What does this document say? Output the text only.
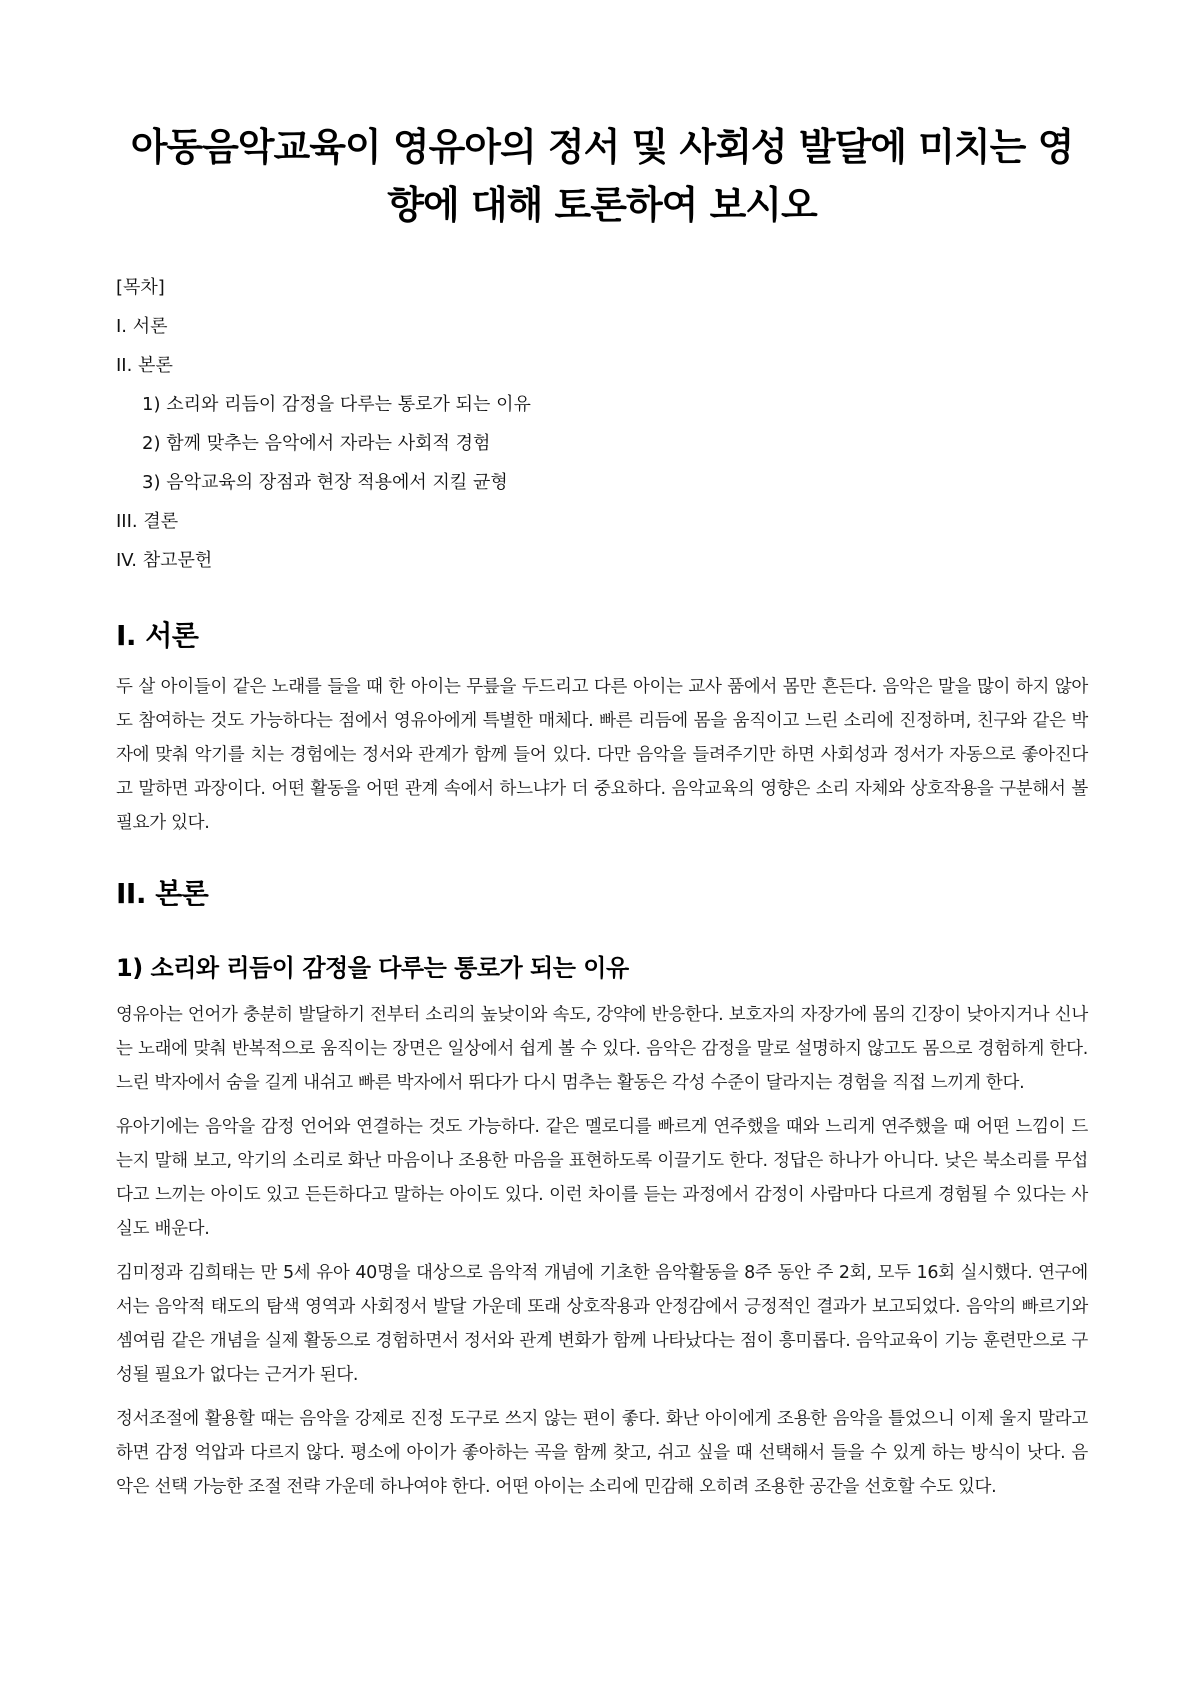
아동음악교육이 영유아의 정서 및 사회성 발달에 미치는 영향에 대해 토론하여 보시오
[목차]
I. 서론
II. 본론
1) 소리와 리듬이 감정을 다루는 통로가 되는 이유
2) 함께 맞추는 음악에서 자라는 사회적 경험
3) 음악교육의 장점과 현장 적용에서 지킬 균형
III. 결론
IV. 참고문헌
I. 서론

두 살 아이들이 같은 노래를 들을 때 한 아이는 무릎을 두드리고 다른 아이는 교사 품에서 몸만 흔든다. 음악은 말을 많이 하지 않아도 참여하는 것도 가능하다는 점에서 영유아에게 특별한 매체다. 빠른 리듬에 몸을 움직이고 느린 소리에 진정하며, 친구와 같은 박자에 맞춰 악기를 치는 경험에는 정서와 관계가 함께 들어 있다. 다만 음악을 들려주기만 하면 사회성과 정서가 자동으로 좋아진다고 말하면 과장이다. 어떤 활동을 어떤 관계 속에서 하느냐가 더 중요하다. 음악교육의 영향은 소리 자체와 상호작용을 구분해서 볼 필요가 있다.

II. 본론
1) 소리와 리듬이 감정을 다루는 통로가 되는 이유

영유아는 언어가 충분히 발달하기 전부터 소리의 높낮이와 속도, 강약에 반응한다. 보호자의 자장가에 몸의 긴장이 낮아지거나 신나는 노래에 맞춰 반복적으로 움직이는 장면은 일상에서 쉽게 볼 수 있다. 음악은 감정을 말로 설명하지 않고도 몸으로 경험하게 한다. 느린 박자에서 숨을 길게 내쉬고 빠른 박자에서 뛰다가 다시 멈추는 활동은 각성 수준이 달라지는 경험을 직접 느끼게 한다.

유아기에는 음악을 감정 언어와 연결하는 것도 가능하다. 같은 멜로디를 빠르게 연주했을 때와 느리게 연주했을 때 어떤 느낌이 드는지 말해 보고, 악기의 소리로 화난 마음이나 조용한 마음을 표현하도록 이끌기도 한다. 정답은 하나가 아니다. 낮은 북소리를 무섭다고 느끼는 아이도 있고 든든하다고 말하는 아이도 있다. 이런 차이를 듣는 과정에서 감정이 사람마다 다르게 경험될 수 있다는 사실도 배운다.

김미정과 김희태는 만 5세 유아 40명을 대상으로 음악적 개념에 기초한 음악활동을 8주 동안 주 2회, 모두 16회 실시했다. 연구에서는 음악적 태도의 탐색 영역과 사회정서 발달 가운데 또래 상호작용과 안정감에서 긍정적인 결과가 보고되었다. 음악의 빠르기와 셈여림 같은 개념을 실제 활동으로 경험하면서 정서와 관계 변화가 함께 나타났다는 점이 흥미롭다. 음악교육이 기능 훈련만으로 구성될 필요가 없다는 근거가 된다.

정서조절에 활용할 때는 음악을 강제로 진정 도구로 쓰지 않는 편이 좋다. 화난 아이에게 조용한 음악을 틀었으니 이제 울지 말라고 하면 감정 억압과 다르지 않다. 평소에 아이가 좋아하는 곡을 함께 찾고, 쉬고 싶을 때 선택해서 들을 수 있게 하는 방식이 낫다. 음악은 선택 가능한 조절 전략 가운데 하나여야 한다. 어떤 아이는 소리에 민감해 오히려 조용한 공간을 선호할 수도 있다.
